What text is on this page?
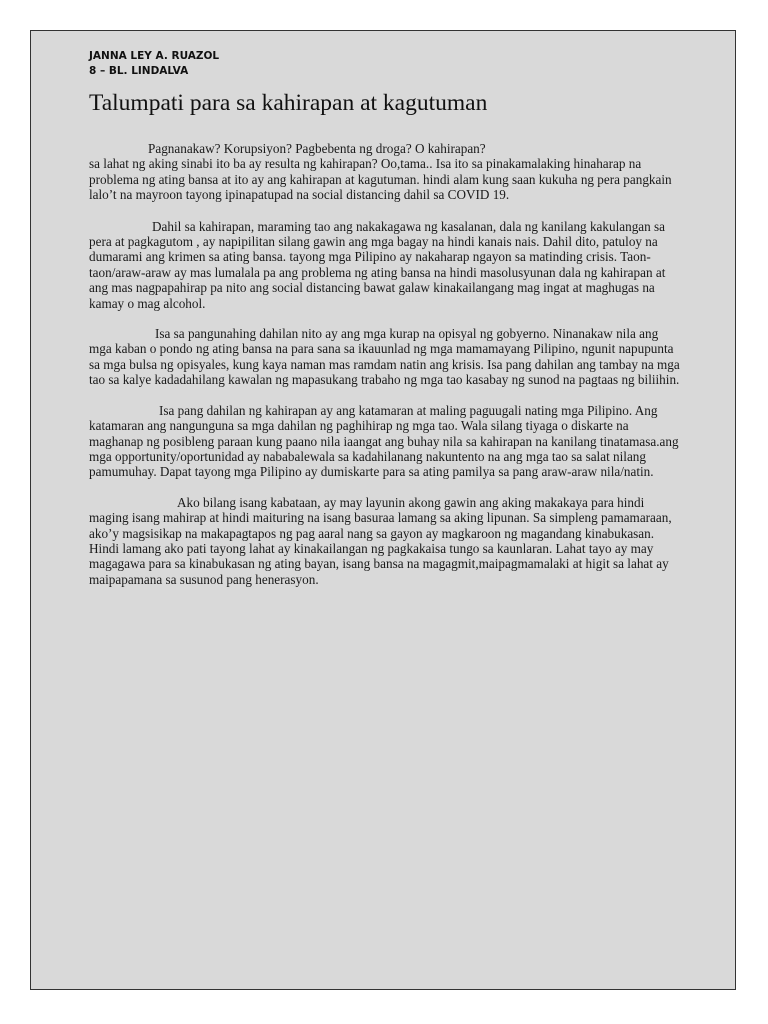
JANNA LEY A. RUAZOL
8 – BL. LINDALVA
Talumpati para sa kahirapan at kagutuman

Pagnanakaw? Korupsiyon? Pagbebenta ng droga? O kahirapan?
sa lahat ng aking sinabi ito ba ay resulta ng kahirapan? Oo,tama.. Isa ito sa pinakamalaking hinaharap na problema ng ating bansa at ito ay ang kahirapan at kagutuman. hindi alam kung saan kukuha ng pera pangkain lalo’t na mayroon tayong ipinapatupad na social distancing dahil sa COVID 19.

Dahil sa kahirapan, maraming tao ang nakakagawa ng kasalanan, dala ng kanilang kakulangan sa pera at pagkagutom , ay napipilitan silang gawin ang mga bagay na hindi kanais nais. Dahil dito, patuloy na dumarami ang krimen sa ating bansa. tayong mga Pilipino ay nakaharap ngayon sa matinding crisis. Taon-taon/araw-araw ay mas lumalala pa ang problema ng ating bansa na hindi masolusyunan dala ng kahirapan at ang mas nagpapahirap pa nito ang social distancing bawat galaw kinakailangang mag ingat at maghugas na kamay o mag alcohol.

Isa sa pangunahing dahilan nito ay ang mga kurap na opisyal ng gobyerno. Ninanakaw nila ang mga kaban o pondo ng ating bansa na para sana sa ikauunlad ng mga mamamayang Pilipino, ngunit napupunta sa mga bulsa ng opisyales, kung kaya naman mas ramdam natin ang krisis. Isa pang dahilan ang tambay na mga tao sa kalye kadadahilang kawalan ng mapasukang trabaho ng mga tao kasabay ng sunod na pagtaas ng biliihin.

Isa pang dahilan ng kahirapan ay ang katamaran at maling paguugali nating mga Pilipino. Ang katamaran ang nangunguna sa mga dahilan ng paghihirap ng mga tao. Wala silang tiyaga o diskarte na maghanap ng posibleng paraan kung paano nila iaangat ang buhay nila sa kahirapan na kanilang tinatamasa.ang mga opportunity/oportunidad ay nababalewala sa kadahilanang nakuntento na ang mga tao sa salat nilang pamumuhay. Dapat tayong mga Pilipino ay dumiskarte para sa ating pamilya sa pang araw-araw nila/natin.

Ako bilang isang kabataan, ay may layunin akong gawin ang aking makakaya para hindi maging isang mahirap at hindi maituring na isang basuraa lamang sa aking lipunan. Sa simpleng pamamaraan, ako’y magsisikap na makapagtapos ng pag aaral nang sa gayon ay magkaroon ng magandang kinabukasan. Hindi lamang ako pati tayong lahat ay kinakailangan ng pagkakaisa tungo sa kaunlaran. Lahat tayo ay may magagawa para sa kinabukasan ng ating bayan, isang bansa na magagmit,maipagmamalaki at higit sa lahat ay maipapamana sa susunod pang henerasyon.
